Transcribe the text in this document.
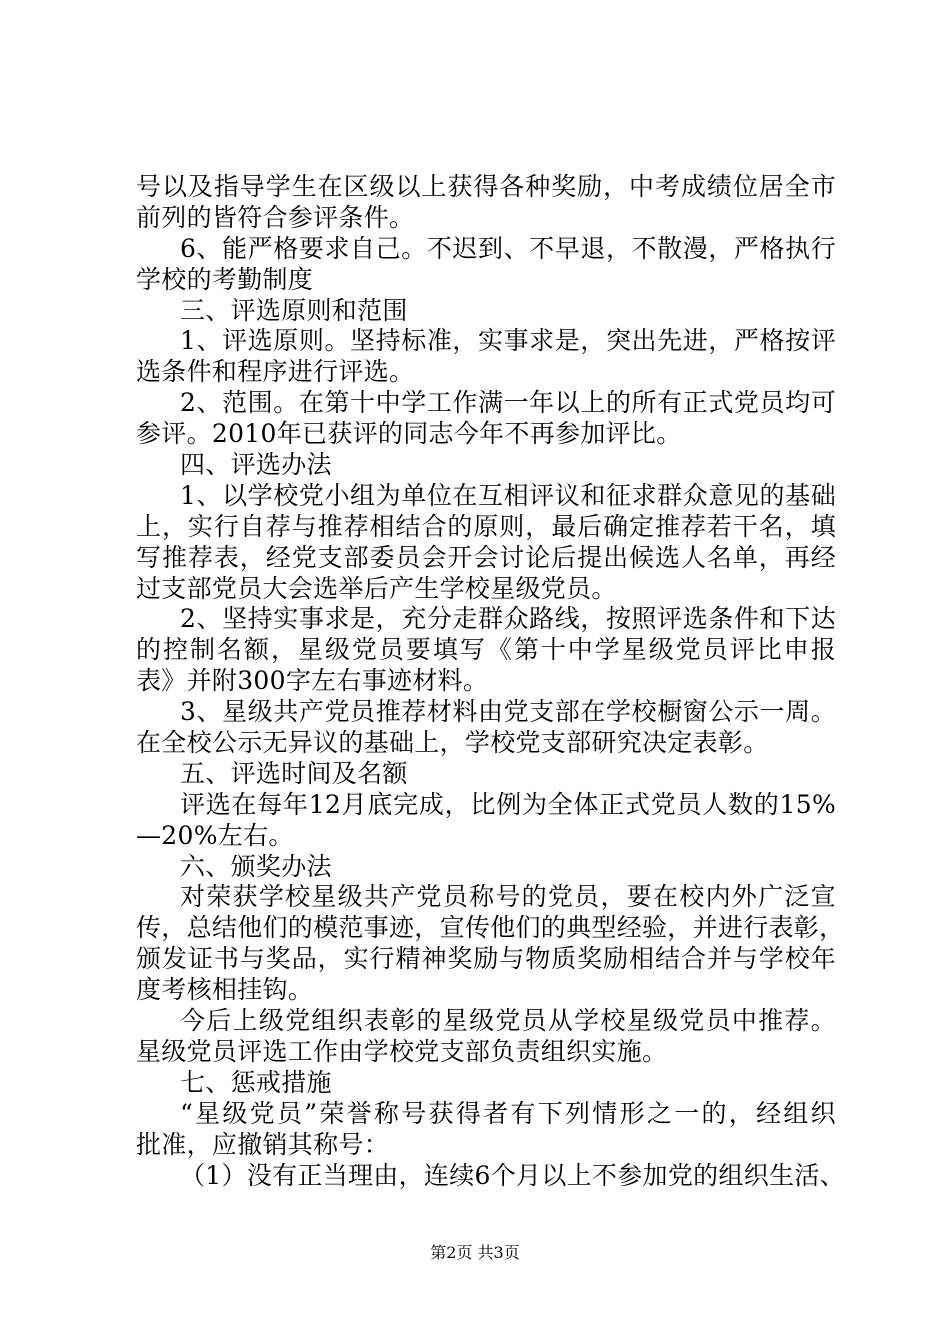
号以及指导学生在区级以上获得各种奖励，中考成绩位居全市
前列的皆符合参评条件。
6、能严格要求自己。不迟到、不早退，不散漫，严格执行
学校的考勤制度
三、评选原则和范围
1、评选原则。坚持标准，实事求是，突出先进，严格按评
选条件和程序进行评选。
2、范围。在第十中学工作满一年以上的所有正式党员均可
参评。2010年已获评的同志今年不再参加评比。
四、评选办法
1、以学校党小组为单位在互相评议和征求群众意见的基础
上，实行自荐与推荐相结合的原则，最后确定推荐若干名，填
写推荐表，经党支部委员会开会讨论后提出候选人名单，再经
过支部党员大会选举后产生学校星级党员。
2、坚持实事求是，充分走群众路线，按照评选条件和下达
的控制名额，星级党员要填写《第十中学星级党员评比申报
表》并附300字左右事迹材料。
3、星级共产党员推荐材料由党支部在学校橱窗公示一周。
在全校公示无异议的基础上，学校党支部研究决定表彰。
五、评选时间及名额
评选在每年12月底完成，比例为全体正式党员人数的15%
—20%左右。
六、颁奖办法
对荣获学校星级共产党员称号的党员，要在校内外广泛宣
传，总结他们的模范事迹，宣传他们的典型经验，并进行表彰，
颁发证书与奖品，实行精神奖励与物质奖励相结合并与学校年
度考核相挂钩。
今后上级党组织表彰的星级党员从学校星级党员中推荐。
星级党员评选工作由学校党支部负责组织实施。
七、惩戒措施
“星级党员”荣誉称号获得者有下列情形之一的，经组织
批准，应撤销其称号：
（1）没有正当理由，连续6个月以上不参加党的组织生活、
第2页 共3页
